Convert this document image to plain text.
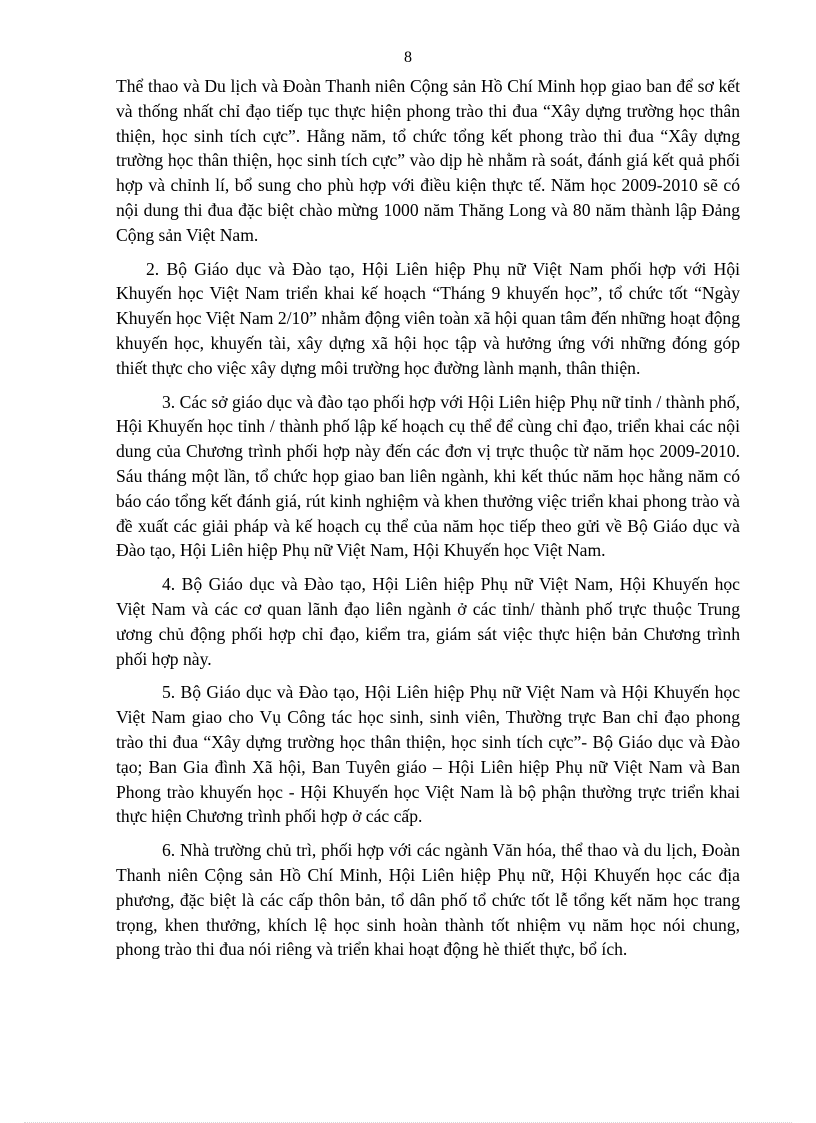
8

Thể thao và Du lịch và Đoàn Thanh niên Cộng sản Hồ Chí Minh họp giao ban để sơ kết và thống nhất chỉ đạo tiếp tục thực hiện phong trào thi đua “Xây dựng trường học thân thiện, học sinh tích cực”. Hằng năm, tổ chức tổng kết phong trào thi đua “Xây dựng trường học thân thiện, học sinh tích cực” vào dịp hè nhằm rà soát, đánh giá kết quả phối hợp và chỉnh lí, bổ sung cho phù hợp với điều kiện thực tế. Năm học 2009-2010 sẽ có nội dung thi đua đặc biệt chào mừng 1000 năm Thăng Long và 80 năm thành lập Đảng Cộng sản Việt Nam.

2. Bộ Giáo dục và Đào tạo, Hội Liên hiệp Phụ nữ Việt Nam phối hợp với Hội Khuyến học Việt Nam triển khai kế hoạch “Tháng 9 khuyến học”, tổ chức tốt “Ngày Khuyến học Việt Nam 2/10” nhằm động viên toàn xã hội quan tâm đến những hoạt động khuyến học, khuyến tài, xây dựng xã hội học tập và hưởng ứng với những đóng góp thiết thực cho việc xây dựng môi trường học đường lành mạnh, thân thiện.

3. Các sở giáo dục và đào tạo phối hợp với Hội Liên hiệp Phụ nữ tỉnh / thành phố, Hội Khuyến học tỉnh / thành phố lập kế hoạch cụ thể để cùng chỉ đạo, triển khai các nội dung của Chương trình phối hợp này đến các đơn vị trực thuộc từ năm học 2009-2010. Sáu tháng một lần, tổ chức họp giao ban liên ngành, khi kết thúc năm học hằng năm có báo cáo tổng kết đánh giá, rút kinh nghiệm và khen thưởng việc triển khai phong trào và đề xuất các giải pháp và kế hoạch cụ thể của năm học tiếp theo gửi về Bộ Giáo dục và Đào tạo, Hội Liên hiệp Phụ nữ Việt Nam, Hội Khuyến học Việt Nam.

4. Bộ Giáo dục và Đào tạo, Hội Liên hiệp Phụ nữ Việt Nam, Hội Khuyến học Việt Nam và các cơ quan lãnh đạo liên ngành ở các tỉnh/ thành phố trực thuộc Trung ương chủ động phối hợp chỉ đạo, kiểm tra, giám sát việc thực hiện bản Chương trình phối hợp này.

5. Bộ Giáo dục và Đào tạo, Hội Liên hiệp Phụ nữ Việt Nam và Hội Khuyến học Việt Nam giao cho Vụ Công tác học sinh, sinh viên, Thường trực Ban chỉ đạo phong trào thi đua “Xây dựng trường học thân thiện, học sinh tích cực”- Bộ Giáo dục và Đào tạo; Ban Gia đình Xã hội, Ban Tuyên giáo – Hội Liên hiệp Phụ nữ Việt Nam và Ban Phong trào khuyến học - Hội Khuyến học Việt Nam là bộ phận thường trực triển khai thực hiện Chương trình phối hợp ở các cấp.

6. Nhà trường chủ trì, phối hợp với các ngành Văn hóa, thể thao và du lịch, Đoàn Thanh niên Cộng sản Hồ Chí Minh, Hội Liên hiệp Phụ nữ, Hội Khuyến học các địa phương, đặc biệt là các cấp thôn bản, tổ dân phố tổ chức tốt lễ tổng kết năm học trang trọng, khen thưởng, khích lệ học sinh hoàn thành tốt nhiệm vụ năm học nói chung, phong trào thi đua nói riêng và triển khai hoạt động hè thiết thực, bổ ích.
